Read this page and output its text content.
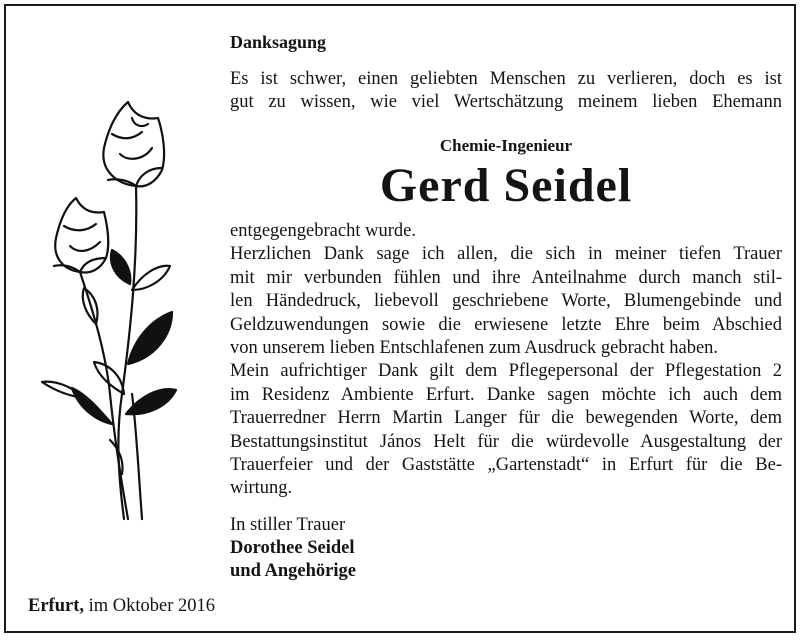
Danksagung

Es ist schwer, einen geliebten Menschen zu verlieren, doch es ist

gut zu wissen, wie viel Wertschätzung meinem lieben Ehemann

Chemie-Ingenieur
Gerd Seidel

entgegengebracht wurde.

Herzlichen Dank sage ich allen, die sich in meiner tiefen Trauer

mit mir verbunden fühlen und ihre Anteilnahme durch manch stil-

len Händedruck, liebevoll geschriebene Worte, Blumengebinde und

Geldzuwendungen sowie die erwiesene letzte Ehre beim Abschied

von unserem lieben Entschlafenen zum Ausdruck gebracht haben.

Mein aufrichtiger Dank gilt dem Pflegepersonal der Pflegestation 2

im Residenz Ambiente Erfurt. Danke sagen möchte ich auch dem

Trauerredner Herrn Martin Langer für die bewegenden Worte, dem

Bestattungsinstitut János Helt für die würdevolle Ausgestaltung der

Trauerfeier und der Gaststätte „Gartenstadt“ in Erfurt für die Be-

wirtung.

In stiller Trauer
Dorothee Seidel
und Angehörige
Erfurt, im Oktober 2016
